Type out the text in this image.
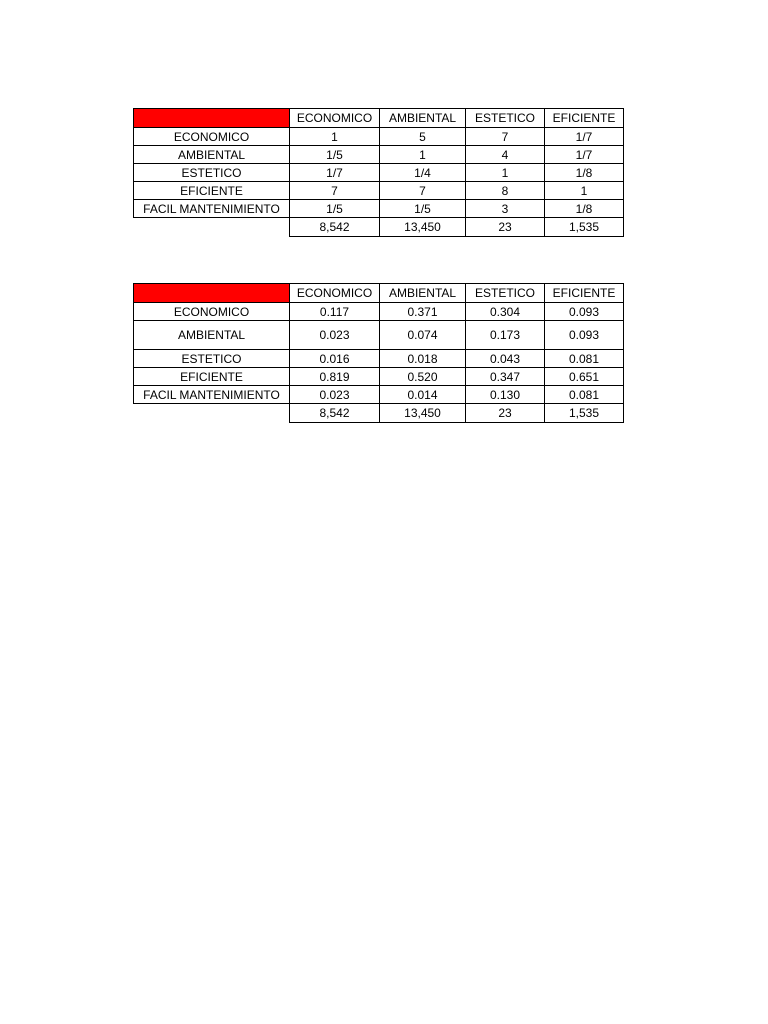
	ECONOMICO	AMBIENTAL	ESTETICO	EFICIENTE
ECONOMICO	1	5	7	1/7
AMBIENTAL	1/5	1	4	1/7
ESTETICO	1/7	1/4	1	1/8
EFICIENTE	7	7	8	1
FACIL MANTENIMIENTO	1/5	1/5	3	1/8
	8,542	13,450	23	1,535
	ECONOMICO	AMBIENTAL	ESTETICO	EFICIENTE
ECONOMICO	0.117	0.371	0.304	0.093
AMBIENTAL	0.023	0.074	0.173	0.093
ESTETICO	0.016	0.018	0.043	0.081
EFICIENTE	0.819	0.520	0.347	0.651
FACIL MANTENIMIENTO	0.023	0.014	0.130	0.081
	8,542	13,450	23	1,535
